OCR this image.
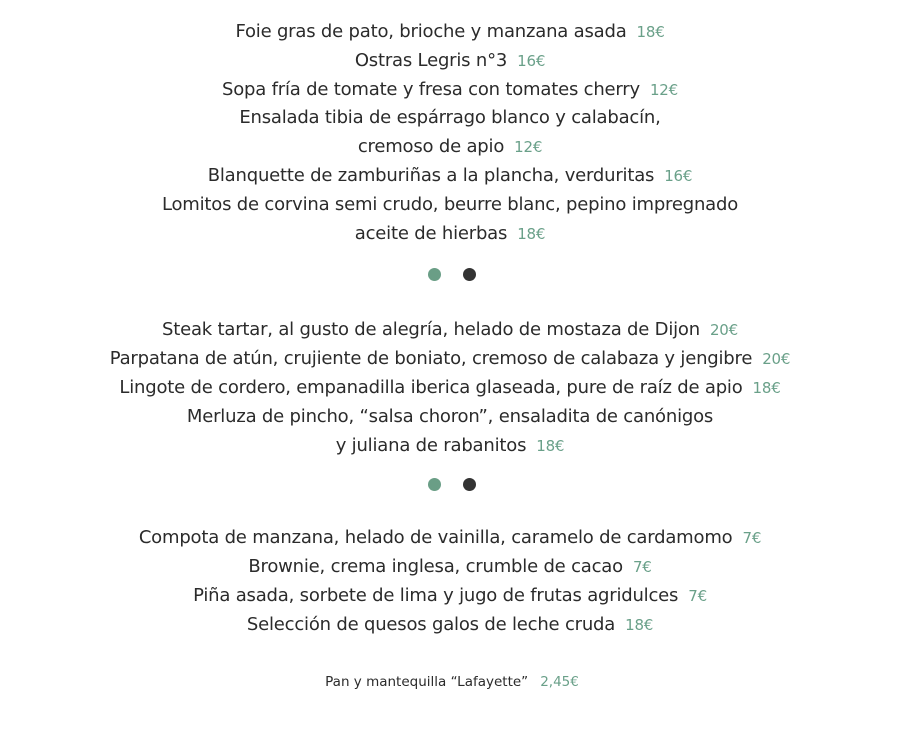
Foie gras de pato, brioche y manzana asada 18€
Ostras Legris n°3 16€
Sopa fría de tomate y fresa con tomates cherry 12€
Ensalada tibia de espárrago blanco y calabacín,
cremoso de apio 12€
Blanquette de zamburiñas a la plancha, verduritas 16€
Lomitos de corvina semi crudo, beurre blanc, pepino impregnado
aceite de hierbas 18€
Steak tartar, al gusto de alegría, helado de mostaza de Dijon 20€
Parpatana de atún, crujiente de boniato, cremoso de calabaza y jengibre 20€
Lingote de cordero, empanadilla iberica glaseada, pure de raíz de apio 18€
Merluza de pincho, “salsa choron”, ensaladita de canónigos
y juliana de rabanitos 18€
Compota de manzana, helado de vainilla, caramelo de cardamomo 7€
Brownie, crema inglesa, crumble de cacao 7€
Piña asada, sorbete de lima y jugo de frutas agridulces 7€
Selección de quesos galos de leche cruda 18€
Pan y mantequilla “Lafayette” 2,45€
